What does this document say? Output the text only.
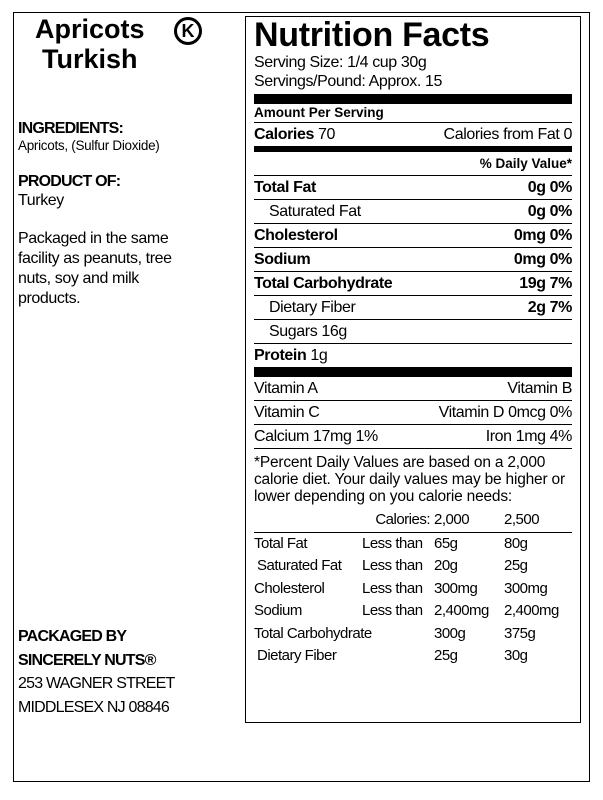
Apricots
Turkish
K
INGREDIENTS:
Apricots, (Sulfur Dioxide)
PRODUCT OF:
Turkey
Packaged in the same facility as peanuts, tree nuts, soy and milk products.
PACKAGED BY
SINCERELY NUTS®
253 WAGNER STREET
MIDDLESEX NJ 08846
Nutrition Facts
Serving Size: 1/4 cup 30g
Servings/Pound: Approx. 15
Amount Per Serving
Calories 70	Calories from Fat 0
% Daily Value*
Total Fat	0g 0%
Saturated Fat	0g 0%
Cholesterol	0mg 0%
Sodium	0mg 0%
Total Carbohydrate	19g 7%
Dietary Fiber	2g 7%
Sugars 16g
Protein 1g
Vitamin A	Vitamin B
Vitamin C	Vitamin D 0mcg 0%
Calcium 17mg 1%	Iron 1mg 4%
*Percent Daily Values are based on a 2,000 calorie diet. Your daily values may be higher or lower depending on you calorie needs:
	Calories:	2,000	2,500
Total Fat	Less than	65g	80g
Saturated Fat	Less than	20g	25g
Cholesterol	Less than	300mg	300mg
Sodium	Less than	2,400mg	2,400mg
Total Carbohydrate		300g	375g
Dietary Fiber		25g	30g
